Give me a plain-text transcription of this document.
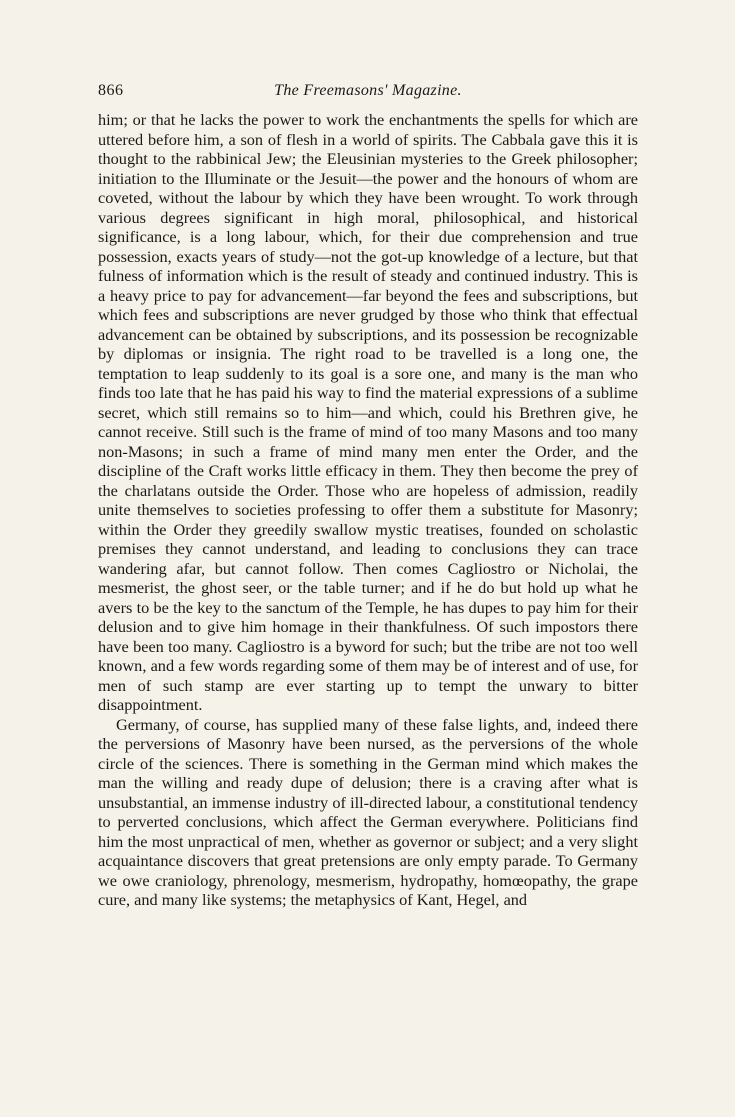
866	The Freemasons' Magazine.

him; or that he lacks the power to work the enchantments the spells for which are uttered before him, a son of flesh in a world of spirits. The Cabbala gave this it is thought to the rabbinical Jew; the Eleusinian mysteries to the Greek philosopher; initiation to the Illuminate or the Jesuit—the power and the honours of whom are coveted, without the labour by which they have been wrought. To work through various degrees significant in high moral, philosophical, and historical significance, is a long labour, which, for their due comprehension and true possession, exacts years of study—not the got-up knowledge of a lecture, but that fulness of information which is the result of steady and continued industry. This is a heavy price to pay for advancement—far beyond the fees and subscriptions, but which fees and subscriptions are never grudged by those who think that effectual advancement can be obtained by subscriptions, and its possession be recognizable by diplomas or insignia. The right road to be travelled is a long one, the temptation to leap suddenly to its goal is a sore one, and many is the man who finds too late that he has paid his way to find the material expressions of a sublime secret, which still remains so to him—and which, could his Brethren give, he cannot receive. Still such is the frame of mind of too many Masons and too many non-Masons; in such a frame of mind many men enter the Order, and the discipline of the Craft works little efficacy in them. They then become the prey of the charlatans outside the Order. Those who are hopeless of admission, readily unite themselves to societies professing to offer them a substitute for Masonry; within the Order they greedily swallow mystic treatises, founded on scholastic premises they cannot understand, and leading to conclusions they can trace wandering afar, but cannot follow. Then comes Cagliostro or Nicholai, the mesmerist, the ghost seer, or the table turner; and if he do but hold up what he avers to be the key to the sanctum of the Temple, he has dupes to pay him for their delusion and to give him homage in their thankfulness. Of such impostors there have been too many. Cagliostro is a byword for such; but the tribe are not too well known, and a few words regarding some of them may be of interest and of use, for men of such stamp are ever starting up to tempt the unwary to bitter disappointment.

Germany, of course, has supplied many of these false lights, and, indeed there the perversions of Masonry have been nursed, as the perversions of the whole circle of the sciences. There is something in the German mind which makes the man the willing and ready dupe of delusion; there is a craving after what is unsubstantial, an immense industry of ill-directed labour, a constitutional tendency to perverted conclusions, which affect the German everywhere. Politicians find him the most unpractical of men, whether as governor or subject; and a very slight acquaintance discovers that great pretensions are only empty parade. To Germany we owe craniology, phrenology, mesmerism, hydropathy, homœopathy, the grape cure, and many like systems; the metaphysics of Kant, Hegel, and
